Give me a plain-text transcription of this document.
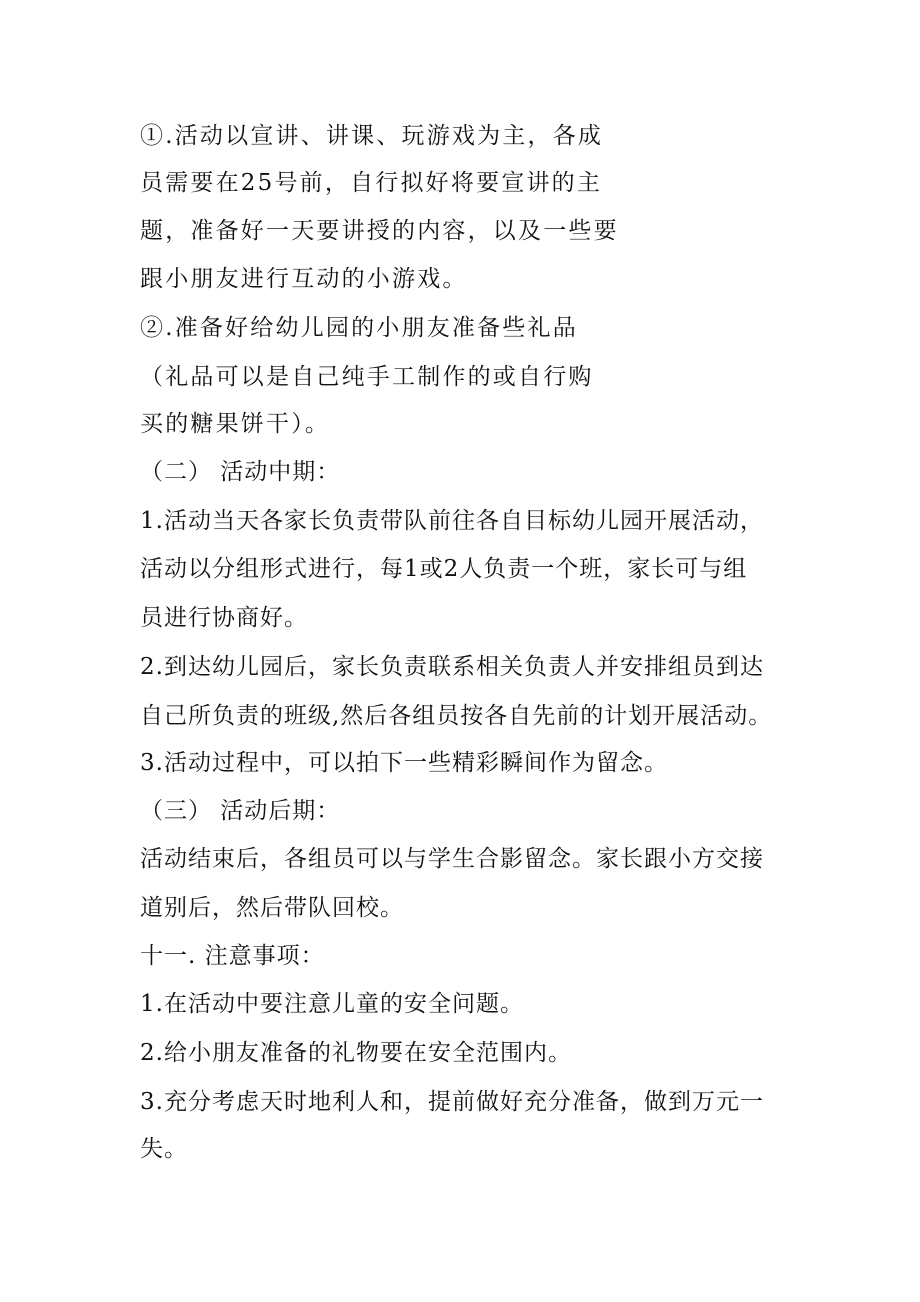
①.活动以宣讲、讲课、玩游戏为主，各成
员需要在25号前，自行拟好将要宣讲的主
题，准备好一天要讲授的内容，以及一些要
跟小朋友进行互动的小游戏。
②.准备好给幼儿园的小朋友准备些礼品
（礼品可以是自己纯手工制作的或自行购
买的糖果饼干）。
（二） 活动中期：
1.活动当天各家长负责带队前往各自目标幼儿园开展活动，
活动以分组形式进行，每1或2人负责一个班，家长可与组
员进行协商好。
2.到达幼儿园后，家长负责联系相关负责人并安排组员到达
自己所负责的班级,然后各组员按各自先前的计划开展活动。
3.活动过程中，可以拍下一些精彩瞬间作为留念。
（三） 活动后期：
活动结束后，各组员可以与学生合影留念。家长跟小方交接
道别后，然后带队回校。
十一. 注意事项：
1.在活动中要注意儿童的安全问题。
2.给小朋友准备的礼物要在安全范围内。
3.充分考虑天时地利人和，提前做好充分准备，做到万元一
失。
